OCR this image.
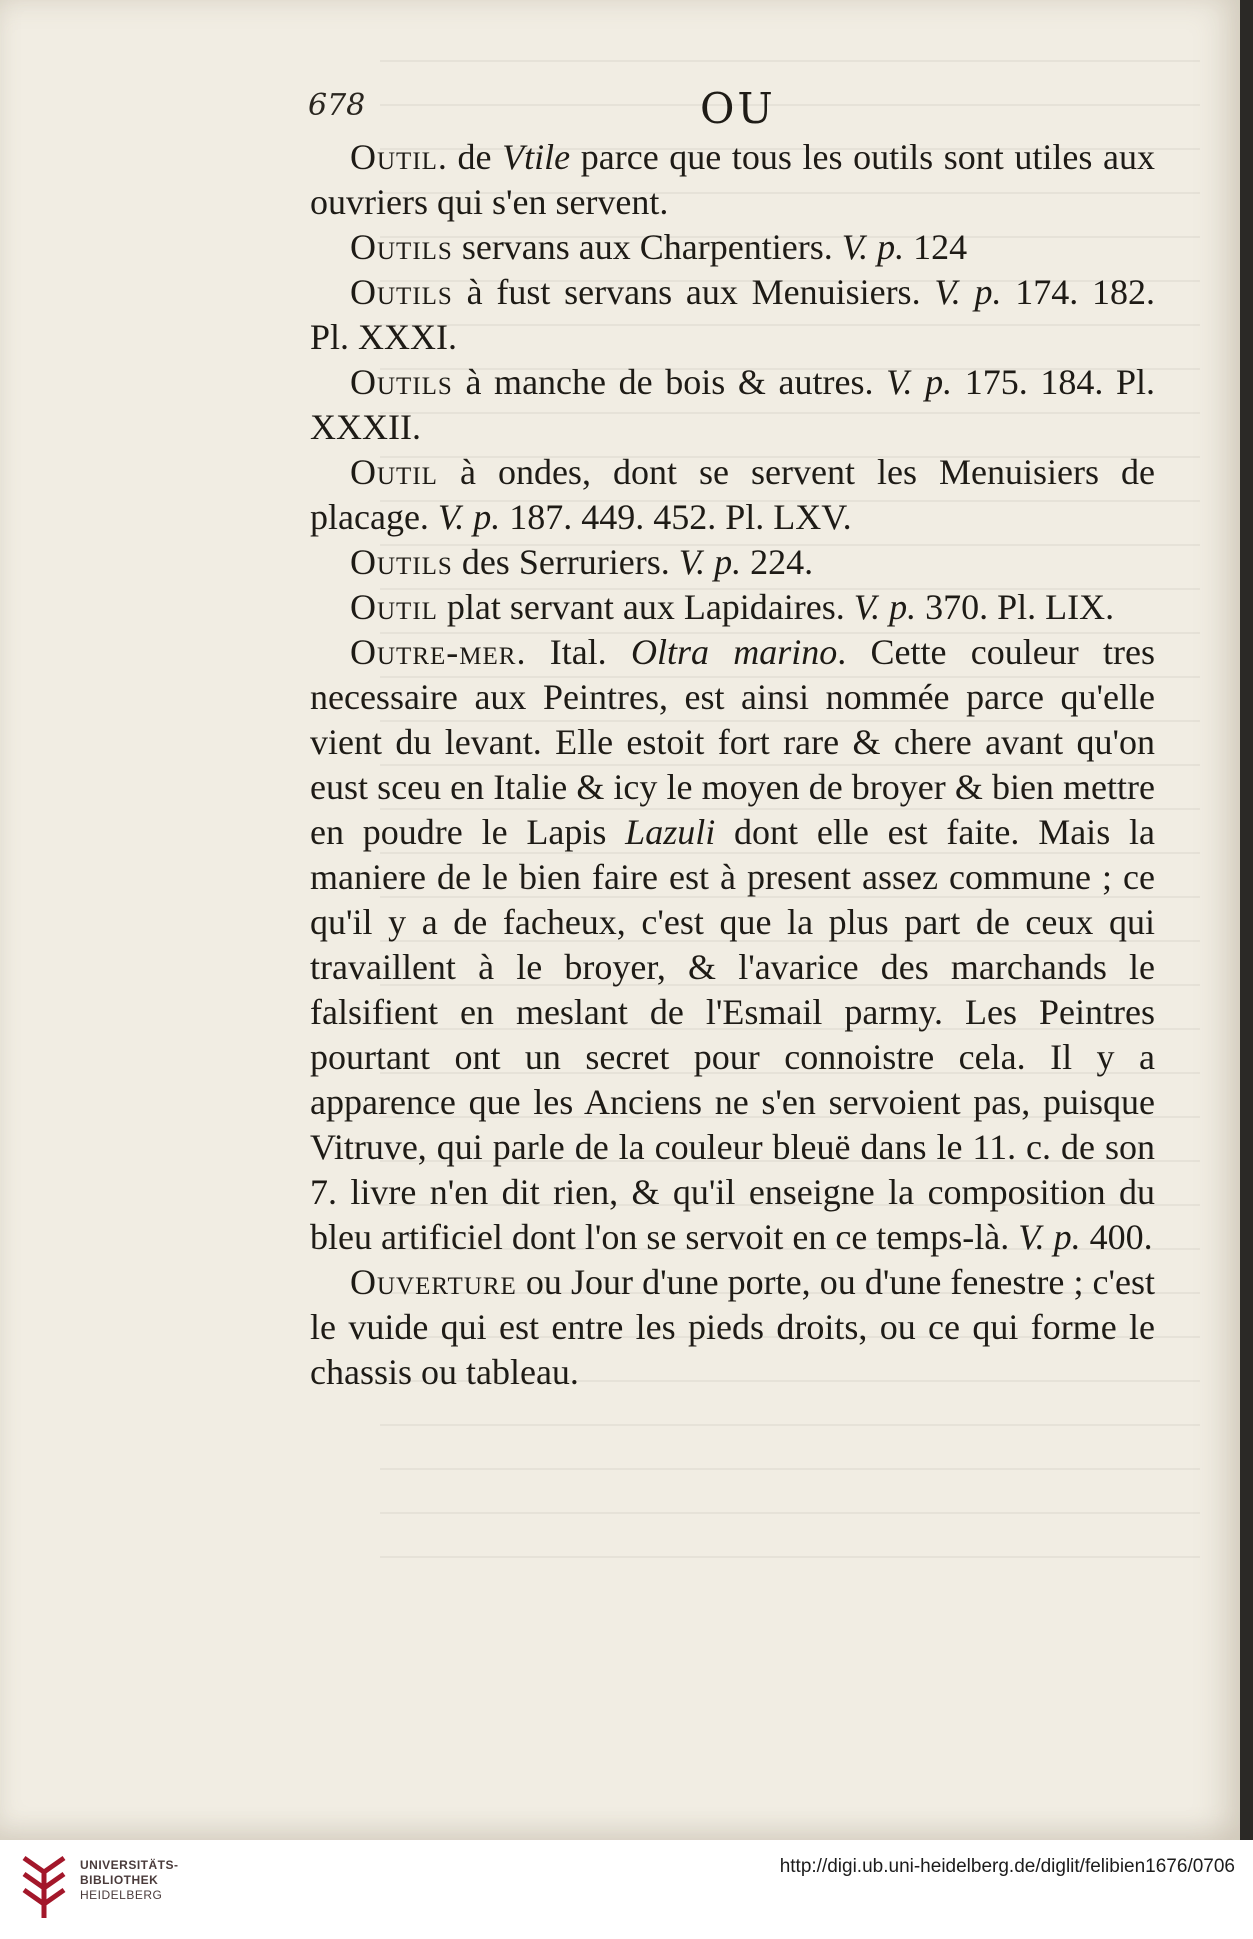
678	OU

Outil. de Vtile parce que tous les outils sont utiles aux ouvriers qui s'en servent.

Outils servans aux Charpentiers. V. p. 124

Outils à fust servans aux Menuisiers. V. p. 174. 182. Pl. XXXI.

Outils à manche de bois & autres. V. p. 175. 184. Pl. XXXII.

Outil à ondes, dont se servent les Menuisiers de placage. V. p. 187. 449. 452. Pl. LXV.

Outils des Serruriers. V. p. 224.

Outil plat servant aux Lapidaires. V. p. 370. Pl. LIX.

Outre-mer. Ital. Oltra marino. Cette couleur tres necessaire aux Peintres, est ainsi nommée parce qu'elle vient du levant. Elle estoit fort rare & chere avant qu'on eust sceu en Italie & icy le moyen de broyer & bien mettre en poudre le Lapis Lazuli dont elle est faite. Mais la maniere de le bien faire est à present assez commune ; ce qu'il y a de facheux, c'est que la plus part de ceux qui travaillent à le broyer, & l'avarice des marchands le falsifient en meslant de l'Esmail parmy. Les Peintres pourtant ont un secret pour connoistre cela. Il y a apparence que les Anciens ne s'en servoient pas, puisque Vitruve, qui parle de la couleur bleuë dans le 11. c. de son 7. livre n'en dit rien, & qu'il enseigne la composition du bleu artificiel dont l'on se servoit en ce temps-là. V. p. 400.

Ouverture ou Jour d'une porte, ou d'une fenestre ; c'est le vuide qui est entre les pieds droits, ou ce qui forme le chassis ou tableau.

UNIVERSITÄTS-
BIBLIOTHEK
HEIDELBERG
http://digi.ub.uni-heidelberg.de/diglit/felibien1676/0706
